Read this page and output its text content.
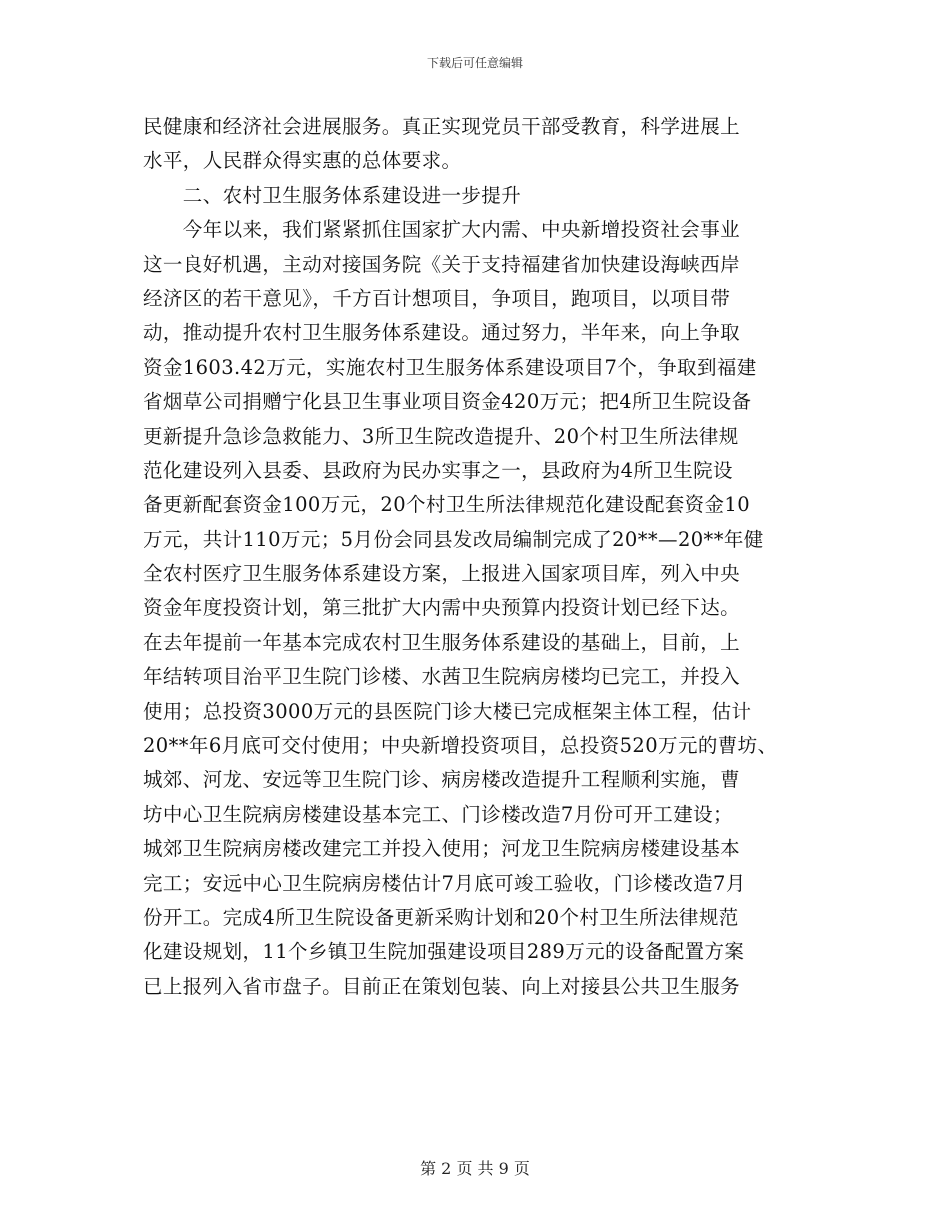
下载后可任意编辑
民健康和经济社会进展服务。真正实现党员干部受教育，科学进展上
水平，人民群众得实惠的总体要求。
　　二、农村卫生服务体系建设进一步提升
　　今年以来，我们紧紧抓住国家扩大内需、中央新增投资社会事业
这一良好机遇，主动对接国务院《关于支持福建省加快建设海峡西岸
经济区的若干意见》，千方百计想项目，争项目，跑项目，以项目带
动，推动提升农村卫生服务体系建设。通过努力，半年来，向上争取
资金1603.42万元，实施农村卫生服务体系建设项目7个，争取到福建
省烟草公司捐赠宁化县卫生事业项目资金420万元；把4所卫生院设备
更新提升急诊急救能力、3所卫生院改造提升、20个村卫生所法律规
范化建设列入县委、县政府为民办实事之一，县政府为4所卫生院设
备更新配套资金100万元，20个村卫生所法律规范化建设配套资金10
万元，共计110万元；5月份会同县发改局编制完成了20**—20**年健
全农村医疗卫生服务体系建设方案，上报进入国家项目库，列入中央
资金年度投资计划，第三批扩大内需中央预算内投资计划已经下达。
在去年提前一年基本完成农村卫生服务体系建设的基础上，目前，上
年结转项目治平卫生院门诊楼、水茜卫生院病房楼均已完工，并投入
使用；总投资3000万元的县医院门诊大楼已完成框架主体工程，估计
20**年6月底可交付使用；中央新增投资项目，总投资520万元的曹坊、
城郊、河龙、安远等卫生院门诊、病房楼改造提升工程顺利实施，曹
坊中心卫生院病房楼建设基本完工、门诊楼改造7月份可开工建设；
城郊卫生院病房楼改建完工并投入使用；河龙卫生院病房楼建设基本
完工；安远中心卫生院病房楼估计7月底可竣工验收，门诊楼改造7月
份开工。完成4所卫生院设备更新采购计划和20个村卫生所法律规范
化建设规划，11个乡镇卫生院加强建设项目289万元的设备配置方案
已上报列入省市盘子。目前正在策划包装、向上对接县公共卫生服务
第 2 页 共 9 页
